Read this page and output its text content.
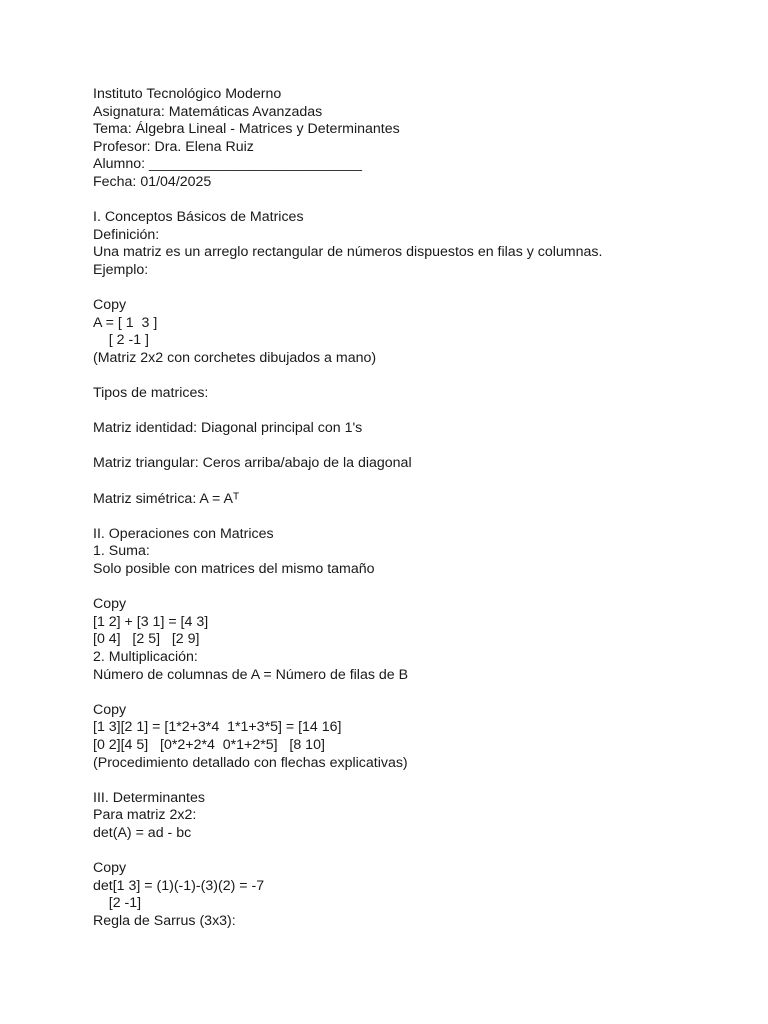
Instituto Tecnológico Moderno
Asignatura: Matemáticas Avanzadas
Tema: Álgebra Lineal - Matrices y Determinantes
Profesor: Dra. Elena Ruiz
Alumno: ___________________________
Fecha: 01/04/2025
I. Conceptos Básicos de Matrices
Definición:
Una matriz es un arreglo rectangular de números dispuestos en filas y columnas.
Ejemplo:
Copy
A = [ 1  3 ]
[ 2 -1 ]
(Matriz 2x2 con corchetes dibujados a mano)
Tipos de matrices:
Matriz identidad: Diagonal principal con 1's
Matriz triangular: Ceros arriba/abajo de la diagonal
Matriz simétrica: A = Aᵀ
II. Operaciones con Matrices
1. Suma:
Solo posible con matrices del mismo tamaño
Copy
[1 2] + [3 1] = [4 3]
[0 4]   [2 5]   [2 9]
2. Multiplicación:
Número de columnas de A = Número de filas de B
Copy
[1 3][2 1] = [1*2+3*4  1*1+3*5] = [14 16]
[0 2][4 5]   [0*2+2*4  0*1+2*5]   [8 10]
(Procedimiento detallado con flechas explicativas)
III. Determinantes
Para matriz 2x2:
det(A) = ad - bc
Copy
det[1 3] = (1)(-1)-(3)(2) = -7
[2 -1]
Regla de Sarrus (3x3):
